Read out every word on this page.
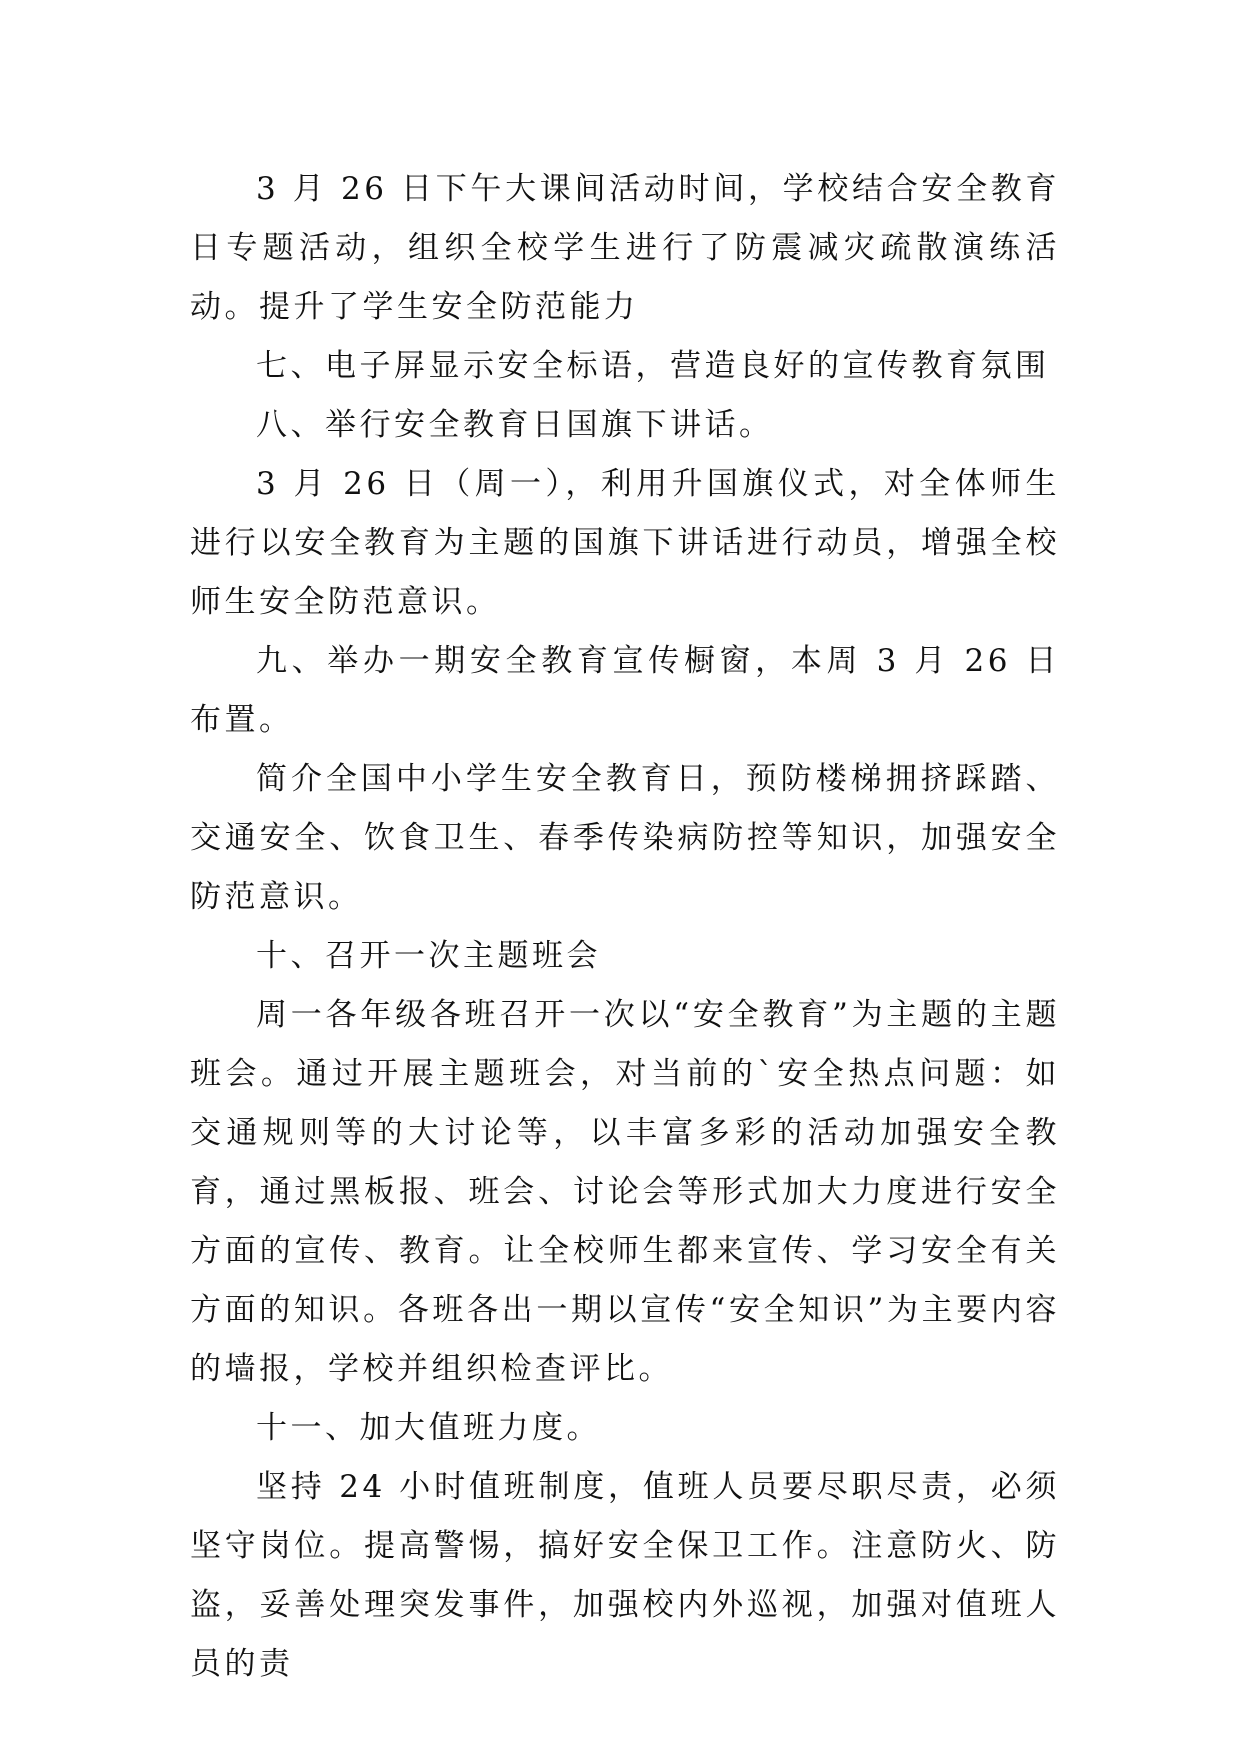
3 月 26 日下午大课间活动时间，学校结合安全教育日专题活动，组织全校学生进行了防震减灾疏散演练活动。提升了学生安全防范能力

七、电子屏显示安全标语，营造良好的宣传教育氛围

八、举行安全教育日国旗下讲话。

3 月 26 日（周一），利用升国旗仪式，对全体师生进行以安全教育为主题的国旗下讲话进行动员，增强全校师生安全防范意识。

九、举办一期安全教育宣传橱窗，本周 3 月 26 日布置。

简介全国中小学生安全教育日，预防楼梯拥挤踩踏、交通安全、饮食卫生、春季传染病防控等知识，加强安全防范意识。

十、召开一次主题班会

周一各年级各班召开一次以“安全教育”为主题的主题班会。通过开展主题班会，对当前的`安全热点问题：如交通规则等的大讨论等，以丰富多彩的活动加强安全教育，通过黑板报、班会、讨论会等形式加大力度进行安全方面的宣传、教育。让全校师生都来宣传、学习安全有关方面的知识。各班各出一期以宣传“安全知识”为主要内容的墙报，学校并组织检查评比。

十一、加大值班力度。

坚持 24 小时值班制度，值班人员要尽职尽责，必须坚守岗位。提高警惕，搞好安全保卫工作。注意防火、防盗，妥善处理突发事件，加强校内外巡视，加强对值班人员的责
